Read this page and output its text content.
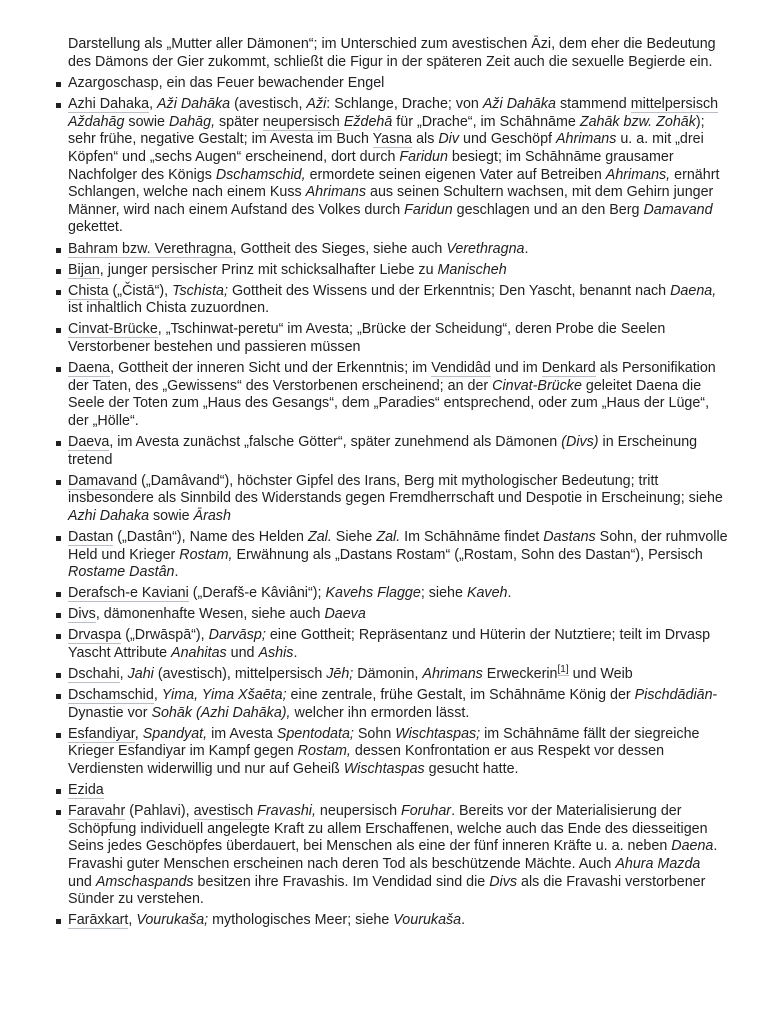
Darstellung als „Mutter aller Dämonen“; im Unterschied zum avestischen Āzi, dem eher die Bedeutung des Dämons der Gier zukommt, schließt die Figur in der späteren Zeit auch die sexuelle Begierde ein.
Azargoschasp, ein das Feuer bewachender Engel
Azhi Dahaka, Aži Dahāka (avestisch, Aži: Schlange, Drache; von Aži Dahāka stammend mittelpersisch Aždahāg sowie Dahāg, später neupersisch Eždehā für „Drache“, im Schāhnāme Zahāk bzw. Zohāk); sehr frühe, negative Gestalt; im Avesta im Buch Yasna als Div und Geschöpf Ahrimans u. a. mit „drei Köpfen“ und „sechs Augen“ erscheinend, dort durch Faridun besiegt; im Schāhnāme grausamer Nachfolger des Königs Dschamschid, ermordete seinen eigenen Vater auf Betreiben Ahrimans, ernährt Schlangen, welche nach einem Kuss Ahrimans aus seinen Schultern wachsen, mit dem Gehirn junger Männer, wird nach einem Aufstand des Volkes durch Faridun geschlagen und an den Berg Damavand gekettet.
Bahram bzw. Verethragna, Gottheit des Sieges, siehe auch Verethragna.
Bijan, junger persischer Prinz mit schicksalhafter Liebe zu Manischeh
Chista („Čistā“), Tschista; Gottheit des Wissens und der Erkenntnis; Den Yascht, benannt nach Daena, ist inhaltlich Chista zuzuordnen.
Cinvat-Brücke, „Tschinwat-peretu“ im Avesta; „Brücke der Scheidung“, deren Probe die Seelen Verstorbener bestehen und passieren müssen
Daena, Gottheit der inneren Sicht und der Erkenntnis; im Vendidâd und im Denkard als Personifikation der Taten, des „Gewissens“ des Verstorbenen erscheinend; an der Cinvat-Brücke geleitet Daena die Seele der Toten zum „Haus des Gesangs“, dem „Paradies“ entsprechend, oder zum „Haus der Lüge“, der „Hölle“.
Daeva, im Avesta zunächst „falsche Götter“, später zunehmend als Dämonen (Divs) in Erscheinung tretend
Damavand („Damâvand“), höchster Gipfel des Irans, Berg mit mythologischer Bedeutung; tritt insbesondere als Sinnbild des Widerstands gegen Fremdherrschaft und Despotie in Erscheinung; siehe Azhi Dahaka sowie Ārash
Dastan („Dastân“), Name des Helden Zal. Siehe Zal. Im Schāhnāme findet Dastans Sohn, der ruhmvolle Held und Krieger Rostam, Erwähnung als „Dastans Rostam“ („Rostam, Sohn des Dastan“), Persisch Rostame Dastân.
Derafsch-e Kaviani („Derafš-e Kâviâni“); Kavehs Flagge; siehe Kaveh.
Divs, dämonenhafte Wesen, siehe auch Daeva
Drvaspa („Drwāspā“), Darvāsp; eine Gottheit; Repräsentanz und Hüterin der Nutztiere; teilt im Drvasp Yascht Attribute Anahitas und Ashis.
Dschahi, Jahi (avestisch), mittelpersisch Jēh; Dämonin, Ahrimans Erweckerin[1] und Weib
Dschamschid, Yima, Yima Xšaēta; eine zentrale, frühe Gestalt, im Schāhnāme König der Pischdādiān-Dynastie vor Sohāk (Azhi Dahāka), welcher ihn ermorden lässt.
Esfandiyar, Spandyat, im Avesta Spentodata; Sohn Wischtaspas; im Schāhnāme fällt der siegreiche Krieger Esfandiyar im Kampf gegen Rostam, dessen Konfrontation er aus Respekt vor dessen Verdiensten widerwillig und nur auf Geheiß Wischtaspas gesucht hatte.
Ezida
Faravahr (Pahlavi), avestisch Fravashi, neupersisch Foruhar. Bereits vor der Materialisierung der Schöpfung individuell angelegte Kraft zu allem Erschaffenen, welche auch das Ende des diesseitigen Seins jedes Geschöpfes überdauert, bei Menschen als eine der fünf inneren Kräfte u. a. neben Daena. Fravashi guter Menschen erscheinen nach deren Tod als beschützende Mächte. Auch Ahura Mazda und Amschaspands besitzen ihre Fravashis. Im Vendidad sind die Divs als die Fravashi verstorbener Sünder zu verstehen.
Farāxkart, Vourukaša; mythologisches Meer; siehe Vourukaša.
